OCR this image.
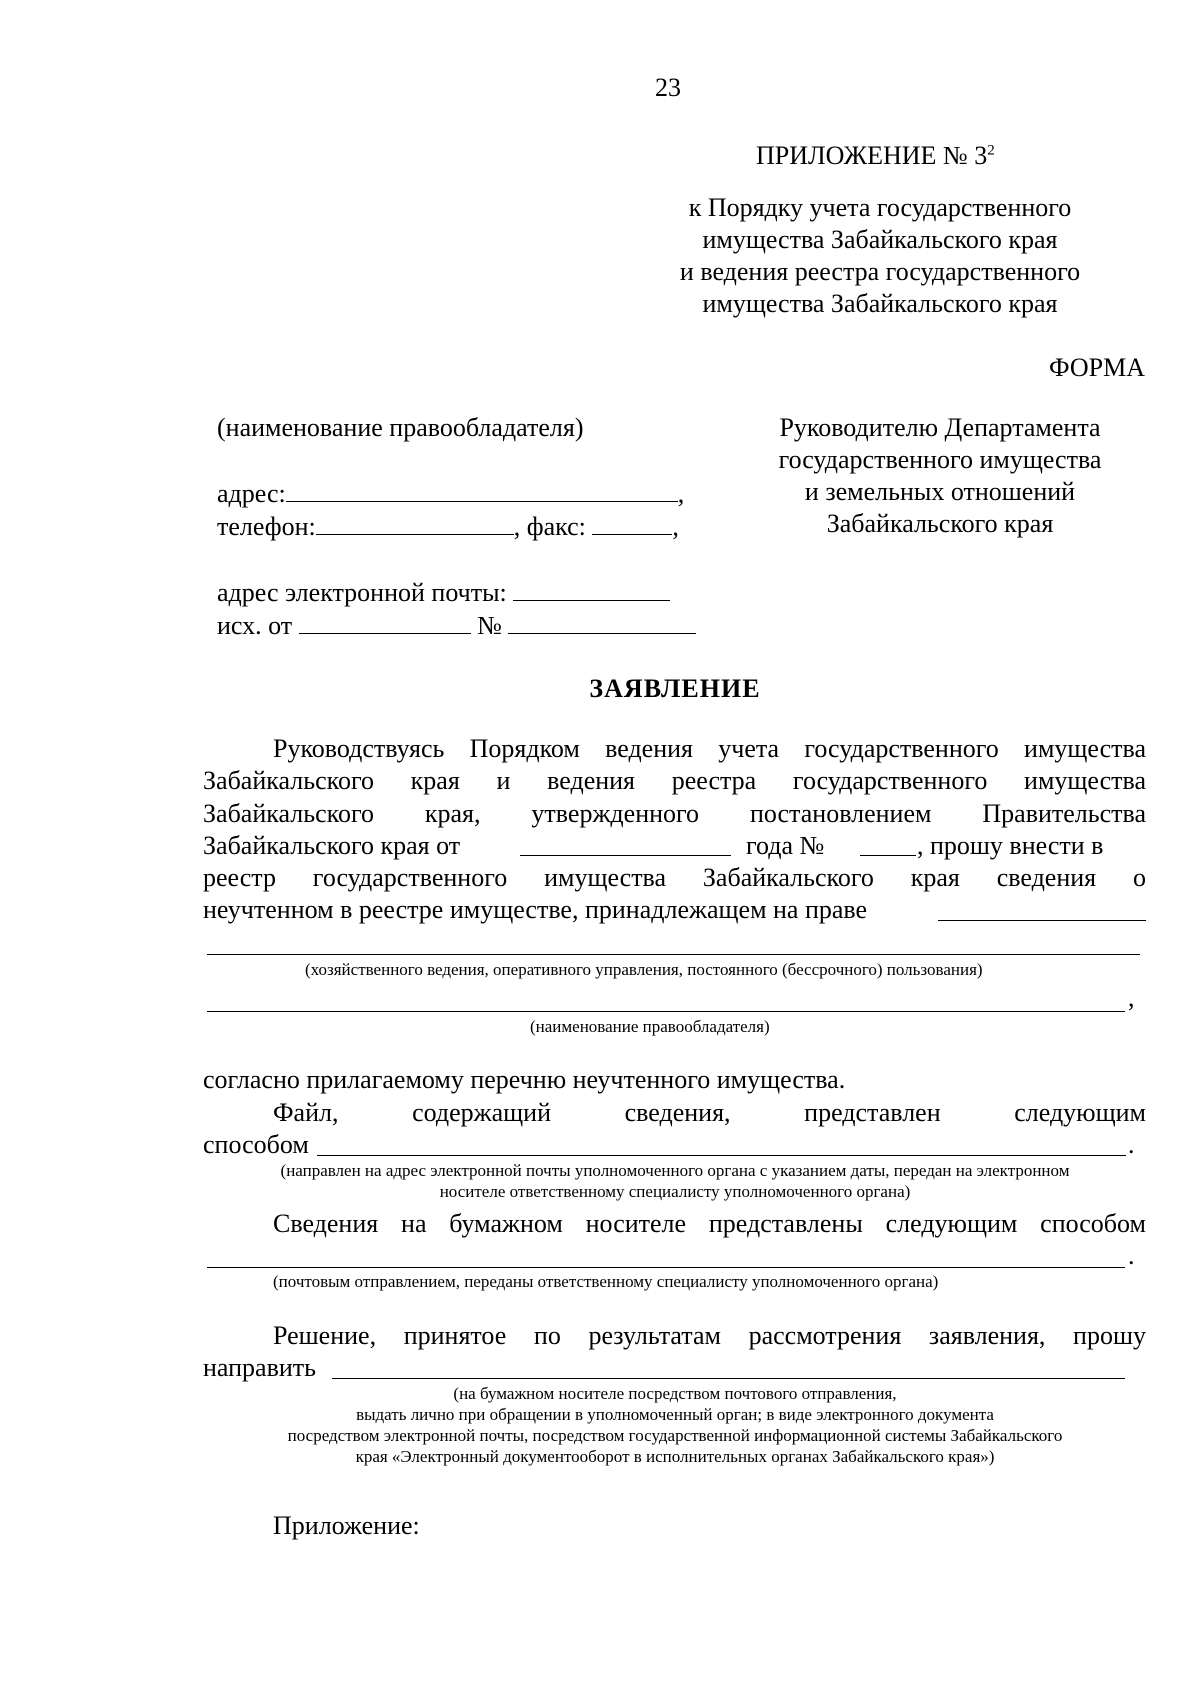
23
ПРИЛОЖЕНИЕ № $3^2$
к Порядку учета государственного
имущества Забайкальского края
и ведения реестра государственного
имущества Забайкальского края
ФОРМА
(наименование правообладателя)
адрес:	,
телефон:	, факс:	,
адрес электронной почты:
исх. от	№
Руководителю Департамента
государственного имущества
и земельных отношений
Забайкальского края
ЗАЯВЛЕНИЕ
Руководствуясь Порядком ведения учета государственного имущества
Забайкальского края и ведения реестра государственного имущества
Забайкальского края, утвержденного постановлением Правительства
Забайкальского края от	года №	, прошу внести в
реестр государственного имущества Забайкальского края сведения о
неучтенном в реестре имуществе, принадлежащем на праве
(хозяйственного ведения, оперативного управления, постоянного (бессрочного) пользования)
,
(наименование правообладателя)
согласно прилагаемому перечню неучтенного имущества.
Файл, содержащий сведения, представлен следующим
способом	.
(направлен на адрес электронной почты уполномоченного органа с указанием даты, передан на электронном
носителе ответственному специалисту уполномоченного органа)
Сведения на бумажном носителе представлены следующим способом
.
(почтовым отправлением, переданы ответственному специалисту уполномоченного органа)
Решение, принятое по результатам рассмотрения заявления, прошу
направить
(на бумажном носителе посредством почтового отправления,
выдать лично при обращении в уполномоченный орган; в виде электронного документа
посредством электронной почты, посредством государственной информационной системы Забайкальского
края «Электронный документооборот в исполнительных органах Забайкальского края»)
Приложение:
